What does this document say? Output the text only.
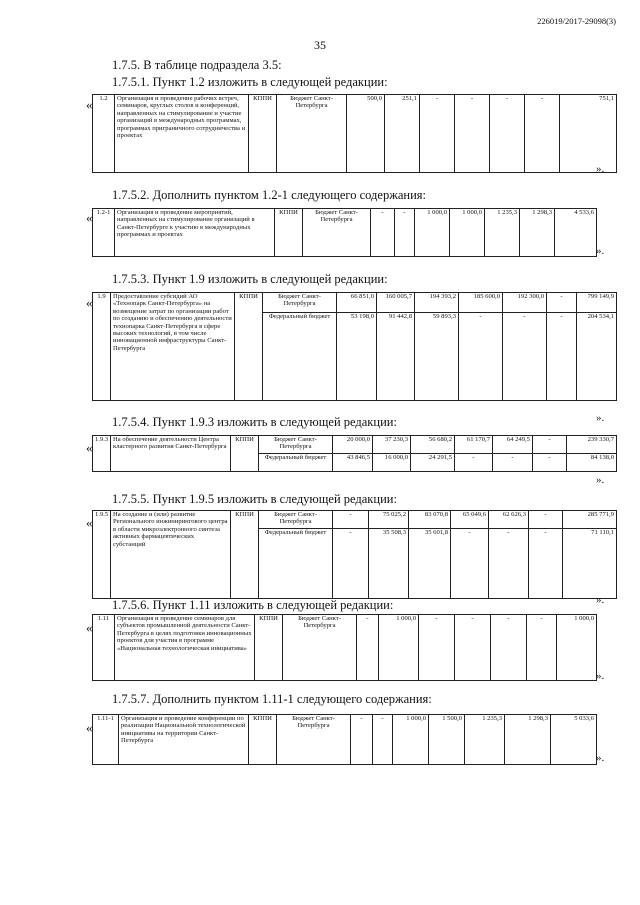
226019/2017-29098(3)
35
1.7.5. В таблице подраздела 3.5:
1.7.5.1. Пункт 1.2 изложить в следующей редакции:
« 1.2	Организация и проведение рабочих встреч, семинаров, круглых столов и конференций, направленных на стимулирование и участие организаций в международных программах, программах приграничного сотрудничества и проектах	КППИ	Бюджет Санкт-Петербурга	500,0	251,1	-	-	-	-	751,1
».
1.7.5.2. Дополнить пунктом 1.2-1 следующего содержания:
« 1.2-1	Организация и проведение мероприятий, направленных на стимулирование организаций в Санкт-Петербурге к участию в международных программах и проектах	КППИ	Бюджет Санкт-Петербурга	-	-	1 000,0	1 000,0	1 235,3	1 298,3	4 533,6
».
1.7.5.3. Пункт 1.9 изложить в следующей редакции:
« 1.9	Предоставление субсидий АО «Технопарк Санкт-Петербурга» на возмещение затрат по организации работ по созданию и обеспечению деятельности технопарка Санкт-Петербурга в сфере высоких технологий, в том числе инновационной инфраструктуры Санкт-Петербурга	КППИ	Бюджет Санкт-Петербурга	66 851,0	160 005,7	194 393,2	185 600,0	192 300,0	-	799 149,9
			Федеральный бюджет	53 198,0	91 442,8	59 893,3	-	-	-	204 534,1
».
1.7.5.4. Пункт 1.9.3 изложить в следующей редакции:
«
1.9.3	На обеспечение деятельности Центра кластерного развития Санкт-Петербурга	КППИ	Бюджет Санкт-Петербурга	20 000,0	37 230,3	56 680,2	61 170,7	64 249,5	-	239 330,7
			Федеральный бюджет	43 846,5	16 000,0	24 291,5	-	-	-	84 138,0
».
1.7.5.5. Пункт 1.9.5 изложить в следующей редакции:
«
1.9.5	На создание и (или) развитие Регионального инжинирингового центра в области микроэлектронного синтеза активных фармацевтических субстанций	КППИ	Бюджет Санкт-Петербурга	-	75 025,2	83 070,8	65 049,6	62 626,3	-	285 771,9
			Федеральный бюджет	-	35 508,3	35 601,8	-	-	-	71 110,1
».
1.7.5.6. Пункт 1.11 изложить в следующей редакции:
«
1.11	Организация и проведение семинаров для субъектов промышленной деятельности Санкт-Петербурга в целях подготовки инновационных проектов для участия в программе «Национальная технологическая инициатива»	КППИ	Бюджет Санкт-Петербурга	-	1 000,0	-	-	-	-	1 000,0
».
1.7.5.7. Дополнить пунктом 1.11-1 следующего содержания:
«
1.11-1	Организация и проведение конференции по реализации Национальной технологической инициативы на территории Санкт-Петербурга	КППИ	Бюджет Санкт-Петербурга	-	-	1 000,0	1 500,0	1 235,3	1 298,3	5 033,6
».
